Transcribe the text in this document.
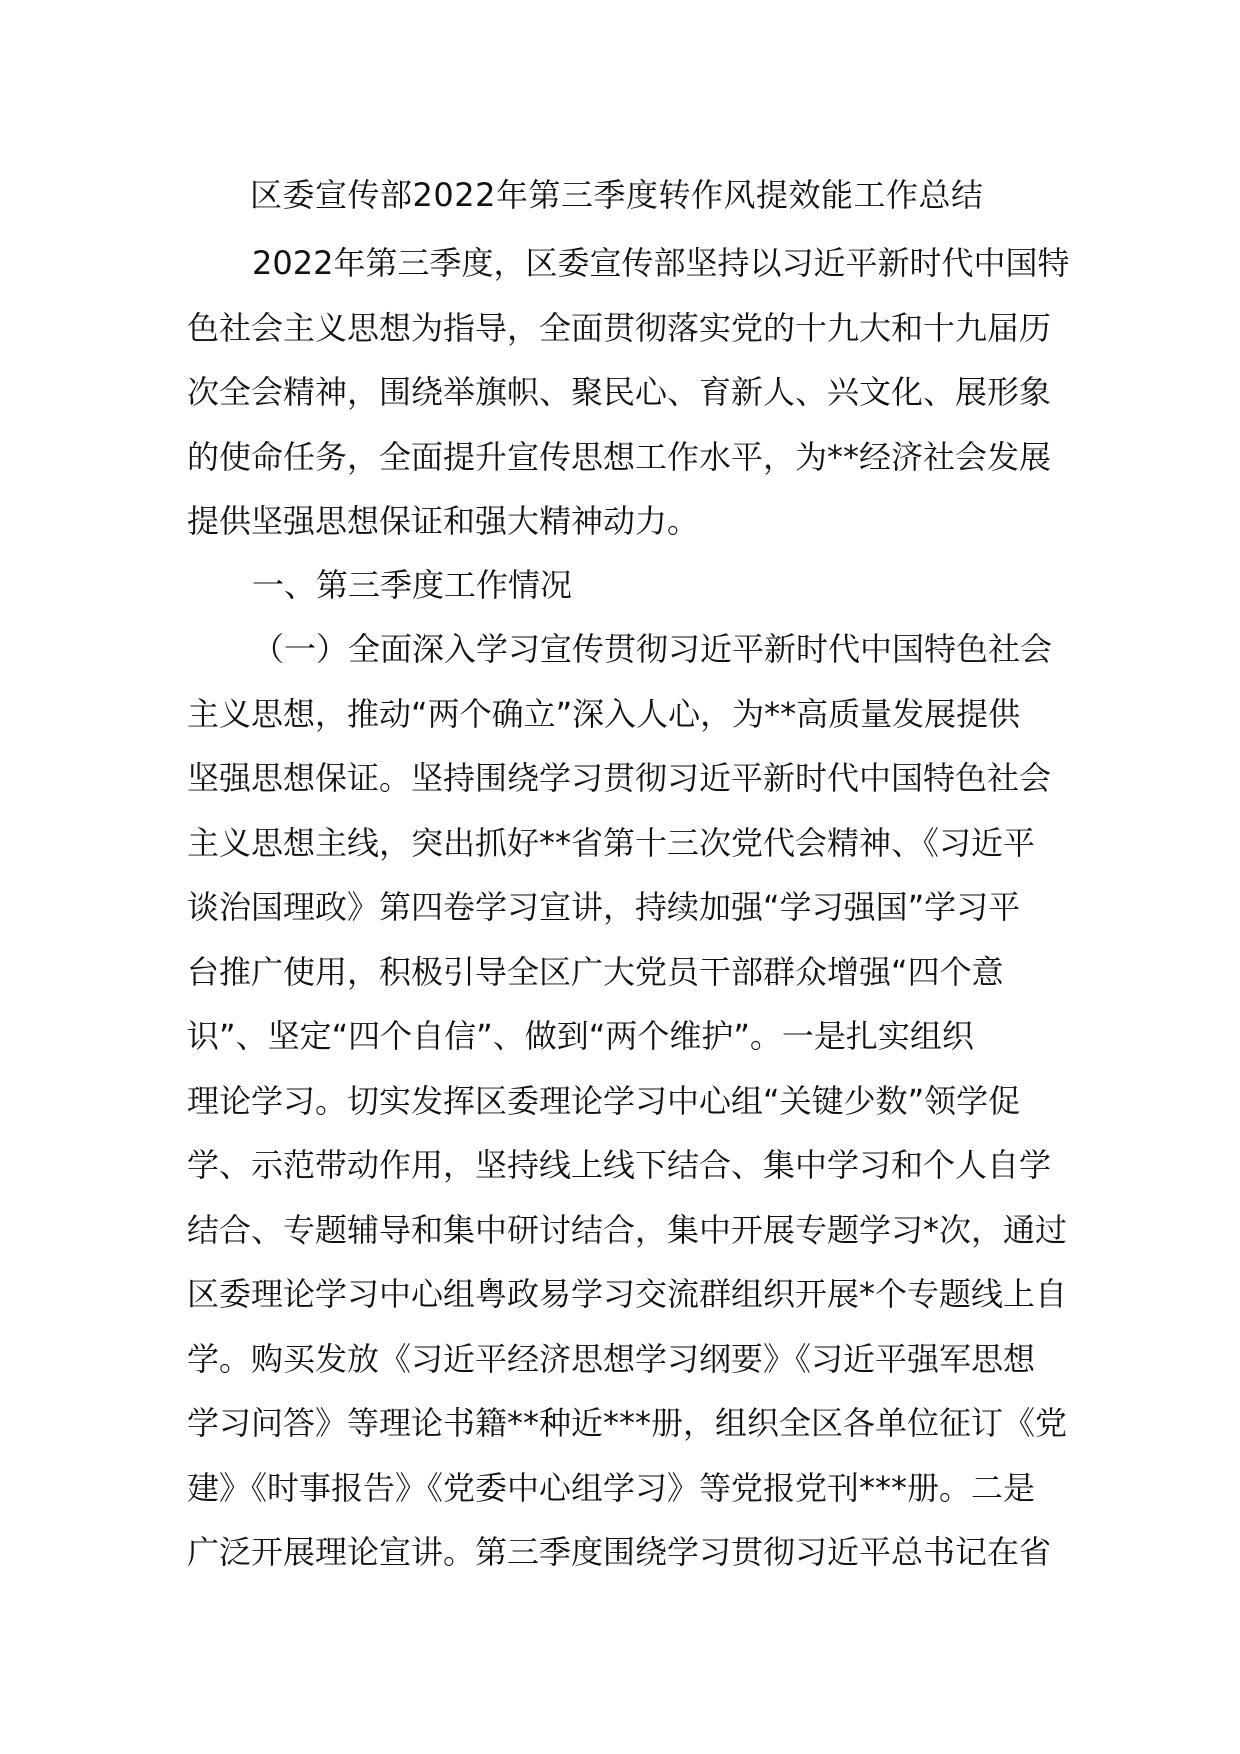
区委宣传部2022年第三季度转作风提效能工作总结
2022年第三季度，区委宣传部坚持以习近平新时代中国特
色社会主义思想为指导，全面贯彻落实党的十九大和十九届历
次全会精神，围绕举旗帜、聚民心、育新人、兴文化、展形象
的使命任务，全面提升宣传思想工作水平，为**经济社会发展
提供坚强思想保证和强大精神动力。
一、第三季度工作情况
（一）全面深入学习宣传贯彻习近平新时代中国特色社会
主义思想，推动“两个确立”深入人心，为**高质量发展提供
坚强思想保证。坚持围绕学习贯彻习近平新时代中国特色社会
主义思想主线，突出抓好**省第十三次党代会精神、《习近平
谈治国理政》第四卷学习宣讲，持续加强“学习强国”学习平
台推广使用，积极引导全区广大党员干部群众增强“四个意
识”、坚定“四个自信”、做到“两个维护”。一是扎实组织
理论学习。切实发挥区委理论学习中心组“关键少数”领学促
学、示范带动作用，坚持线上线下结合、集中学习和个人自学
结合、专题辅导和集中研讨结合，集中开展专题学习*次，通过
区委理论学习中心组粤政易学习交流群组织开展*个专题线上自
学。购买发放《习近平经济思想学习纲要》《习近平强军思想
学习问答》等理论书籍**种近***册，组织全区各单位征订《党
建》《时事报告》《党委中心组学习》等党报党刊***册。二是
广泛开展理论宣讲。第三季度围绕学习贯彻习近平总书记在省
